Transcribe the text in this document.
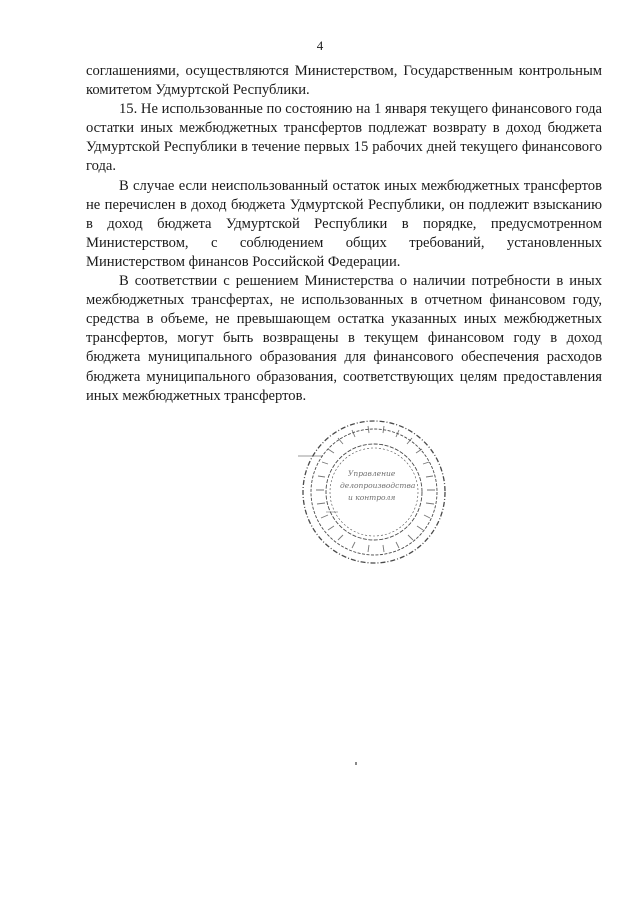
4

соглашениями, осуществляются Министерством, Государственным контрольным комитетом Удмуртской Республики.

15. Не использованные по состоянию на 1 января текущего финансового года остатки иных межбюджетных трансфертов подлежат возврату в доход бюджета Удмуртской Республики в течение первых 15 рабочих дней текущего финансового года.

В случае если неиспользованный остаток иных межбюджетных трансфертов не перечислен в доход бюджета Удмуртской Республики, он подлежит взысканию в доход бюджета Удмуртской Республики в порядке, предусмотренном Министерством, с соблюдением общих требований, установленных Министерством финансов Российской Федерации.

В соответствии с решением Министерства о наличии потребности в иных межбюджетных трансфертах, не использованных в отчетном финансовом году, средства в объеме, не превышающем остатка указанных иных межбюджетных трансфертов, могут быть возвращены в текущем финансовом году в доход бюджета муниципального образования для финансового обеспечения расходов бюджета муниципального образования, соответствующих целям предоставления иных межбюджетных трансфертов.

Управление
делопроизводства
и контроля
